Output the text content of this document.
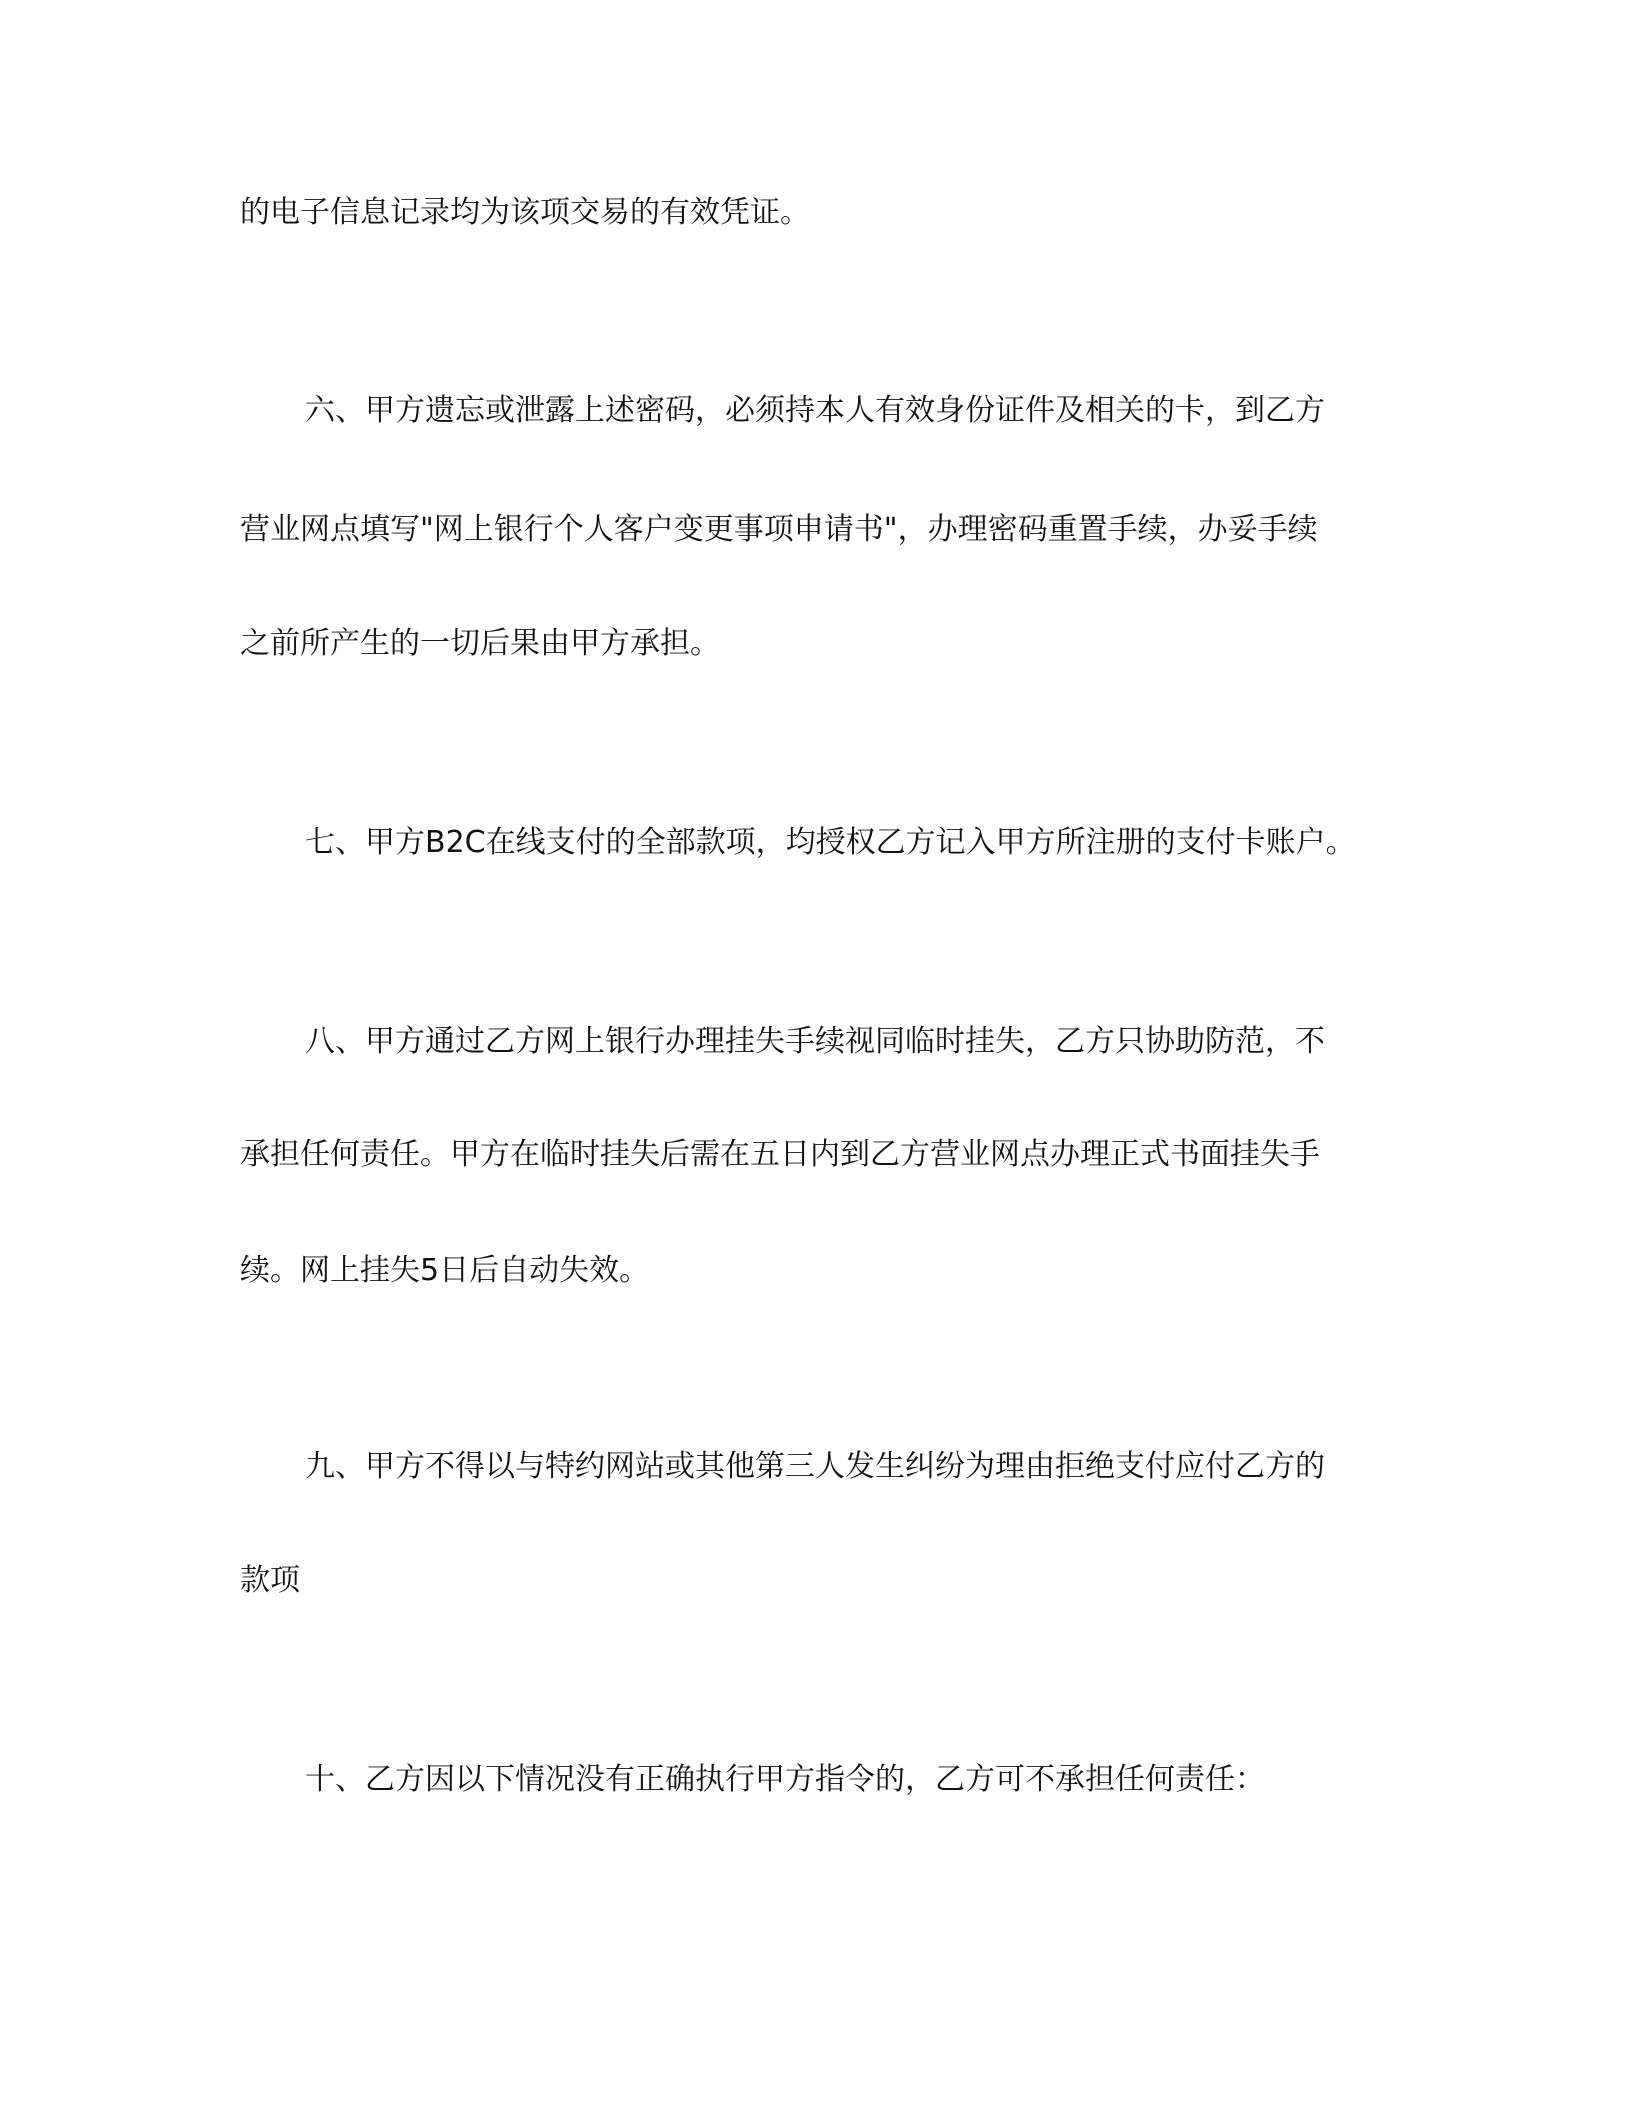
的电子信息记录均为该项交易的有效凭证。
六、甲方遗忘或泄露上述密码，必须持本人有效身份证件及相关的卡，到乙方
营业网点填写"网上银行个人客户变更事项申请书"，办理密码重置手续，办妥手续
之前所产生的一切后果由甲方承担。
七、甲方B2C在线支付的全部款项，均授权乙方记入甲方所注册的支付卡账户。
八、甲方通过乙方网上银行办理挂失手续视同临时挂失，乙方只协助防范，不
承担任何责任。甲方在临时挂失后需在五日内到乙方营业网点办理正式书面挂失手
续。网上挂失5日后自动失效。
九、甲方不得以与特约网站或其他第三人发生纠纷为理由拒绝支付应付乙方的
款项
十、乙方因以下情况没有正确执行甲方指令的，乙方可不承担任何责任：
